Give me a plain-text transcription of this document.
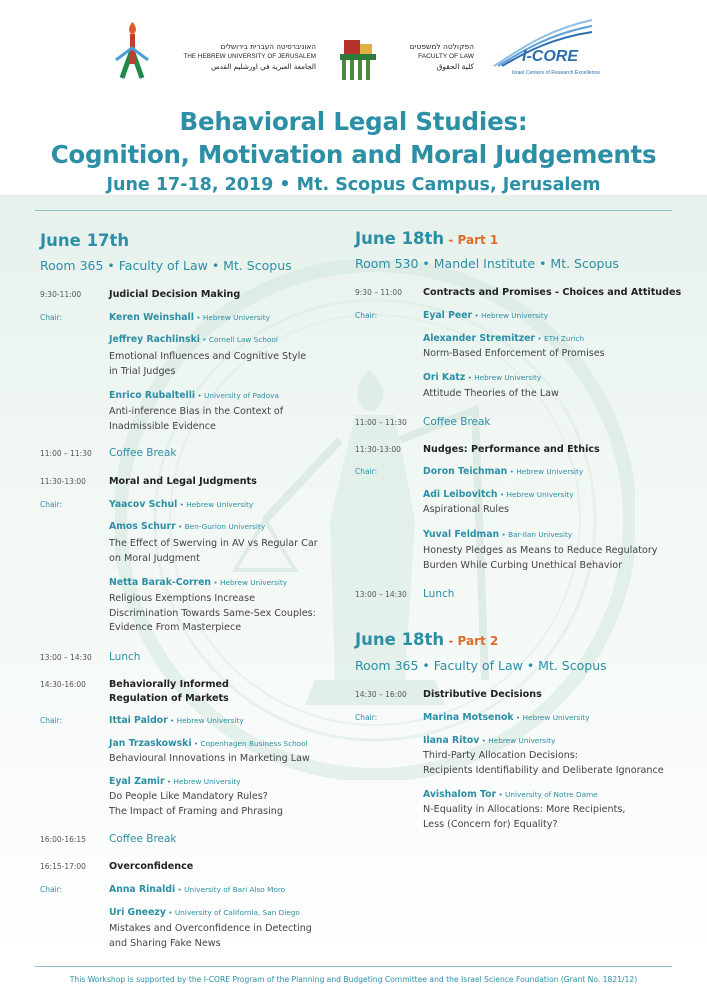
האוניברסיטה העברית בירושלים
THE HEBREW UNIVERSITY OF JERUSALEM
الجامعة العبرية في اورشليم القدس
הפקולטה למשפטים
FACULTY OF LAW
كلية الحقوق
I-CORE
Israel Centers of Research Excellence
Behavioral Legal Studies:
Cognition, Motivation and Moral Judgements
June 17-18, 2019 • Mt. Scopus Campus, Jerusalem
June 17th
Room 365 • Faculty of Law • Mt. Scopus
9:30-11:00	Judicial Decision Making
Chair:	Keren Weinshall • Hebrew University
Jeffrey Rachlinski • Cornell Law School
Emotional Influences and Cognitive Style
in Trial Judges
Enrico Rubaltelli • University of Padova
Anti-inference Bias in the Context of
Inadmissible Evidence
11:00 – 11:30 Coffee Break
11:30-13:00 Moral and Legal Judgments
Chair:	Yaacov Schul • Hebrew University
Amos Schurr • Ben-Gurion University
The Effect of Swerving in AV vs Regular Car
on Moral Judgment
Netta Barak-Corren • Hebrew University
Religious Exemptions Increase
Discrimination Towards Same-Sex Couples:
Evidence From Masterpiece
13:00 – 14:30 Lunch
14:30-16:00 Behaviorally Informed
Regulation of Markets
Chair:	Ittai Paldor • Hebrew University
Jan Trzaskowski • Copenhagen Business School
Behavioural Innovations in Marketing Law
Eyal Zamir • Hebrew University
Do People Like Mandatory Rules?
The Impact of Framing and Phrasing
16:00-16:15 Coffee Break
16:15-17:00 Overconfidence
Chair:	Anna Rinaldi • University of Bari Also Moro
Uri Gneezy • University of California, San Diego
Mistakes and Overconfidence in Detecting
and Sharing Fake News
June 18th - Part 1
Room 530 • Mandel Institute • Mt. Scopus
9:30 – 11:00 Contracts and Promises - Choices and Attitudes
Chair:	Eyal Peer • Hebrew University
Alexander Stremitzer • ETH Zurich
Norm-Based Enforcement of Promises
Ori Katz • Hebrew University
Attitude Theories of the Law
11:00 – 11:30 Coffee Break
11:30-13:00 Nudges: Performance and Ethics
Chair:	Doron Teichman • Hebrew University
Adi Leibovitch • Hebrew University
Aspirational Rules
Yuval Feldman • Bar-Ilan Univesity
Honesty Pledges as Means to Reduce Regulatory
Burden While Curbing Unethical Behavior
13:00 – 14:30 Lunch
June 18th - Part 2
Room 365 • Faculty of Law • Mt. Scopus
14:30 – 16:00 Distributive Decisions
Chair:	Marina Motsenok • Hebrew University
Ilana Ritov • Hebrew University
Third-Party Allocation Decisions:
Recipients Identifiability and Deliberate Ignorance
Avishalom Tor • University of Notre Dame
N-Equality in Allocations: More Recipients,
Less (Concern for) Equality?
This Workshop is supported by the I-CORE Program of the Planning and Budgeting Committee and the Israel Science Foundation (Grant No. 1821/12)
